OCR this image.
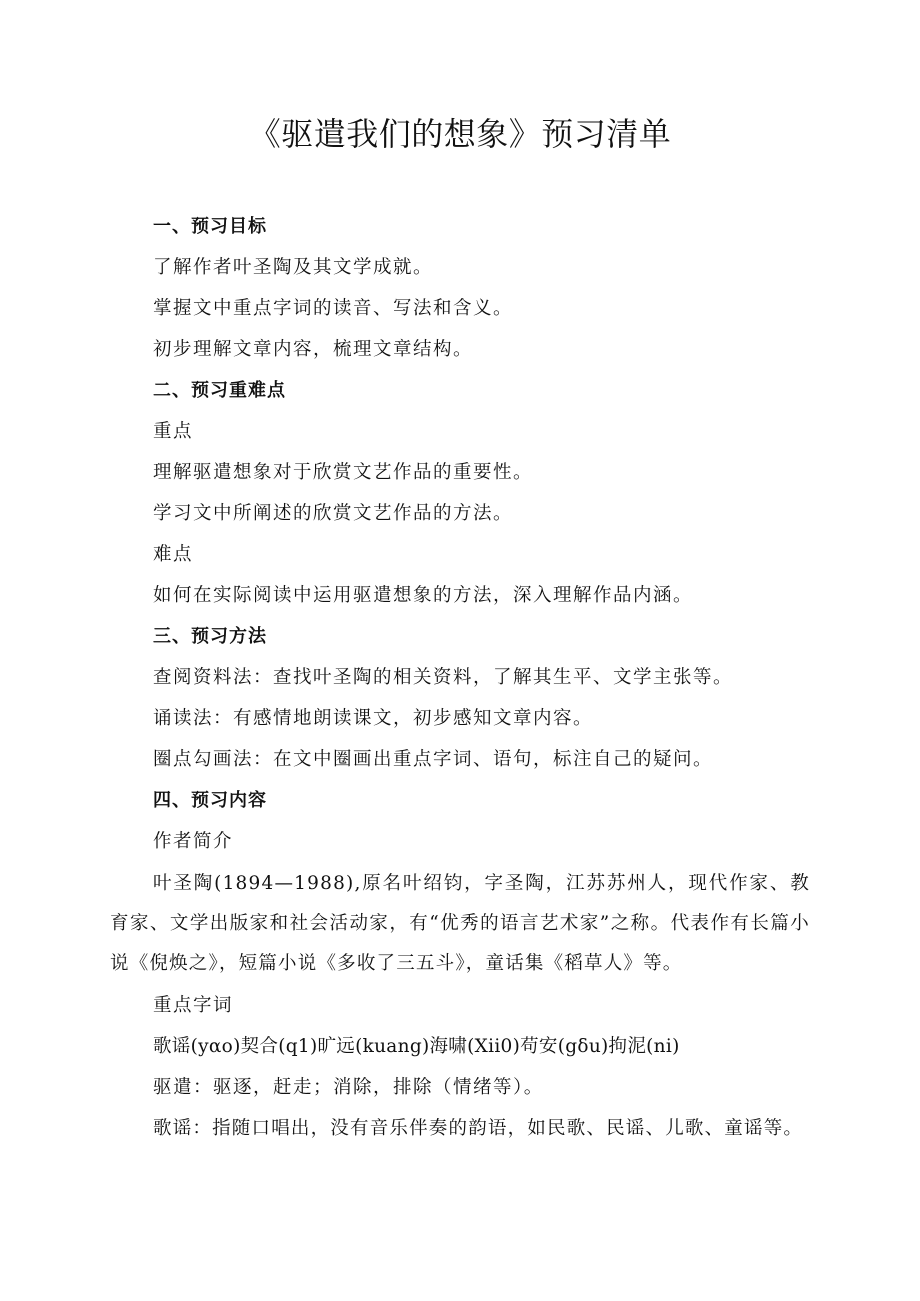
《驱遣我们的想象》预习清单
一、预习目标
了解作者叶圣陶及其文学成就。
掌握文中重点字词的读音、写法和含义。
初步理解文章内容，梳理文章结构。
二、预习重难点
重点
理解驱遣想象对于欣赏文艺作品的重要性。
学习文中所阐述的欣赏文艺作品的方法。
难点
如何在实际阅读中运用驱遣想象的方法，深入理解作品内涵。
三、预习方法
查阅资料法：查找叶圣陶的相关资料，了解其生平、文学主张等。
诵读法：有感情地朗读课文，初步感知文章内容。
圈点勾画法：在文中圈画出重点字词、语句，标注自己的疑问。
四、预习内容
作者简介
叶圣陶(1894—1988),原名叶绍钧，字圣陶，江苏苏州人，现代作家、教育家、文学出版家和社会活动家，有“优秀的语言艺术家”之称。代表作有长篇小说《倪焕之》，短篇小说《多收了三五斗》，童话集《稻草人》等。
重点字词
歌谣(yαo)契合(q1)旷远(kuang)海啸(Xii0)苟安(gδu)拘泥(ni)
驱遣：驱逐，赶走；消除，排除（情绪等）。
歌谣：指随口唱出，没有音乐伴奏的韵语，如民歌、民谣、儿歌、童谣等。
